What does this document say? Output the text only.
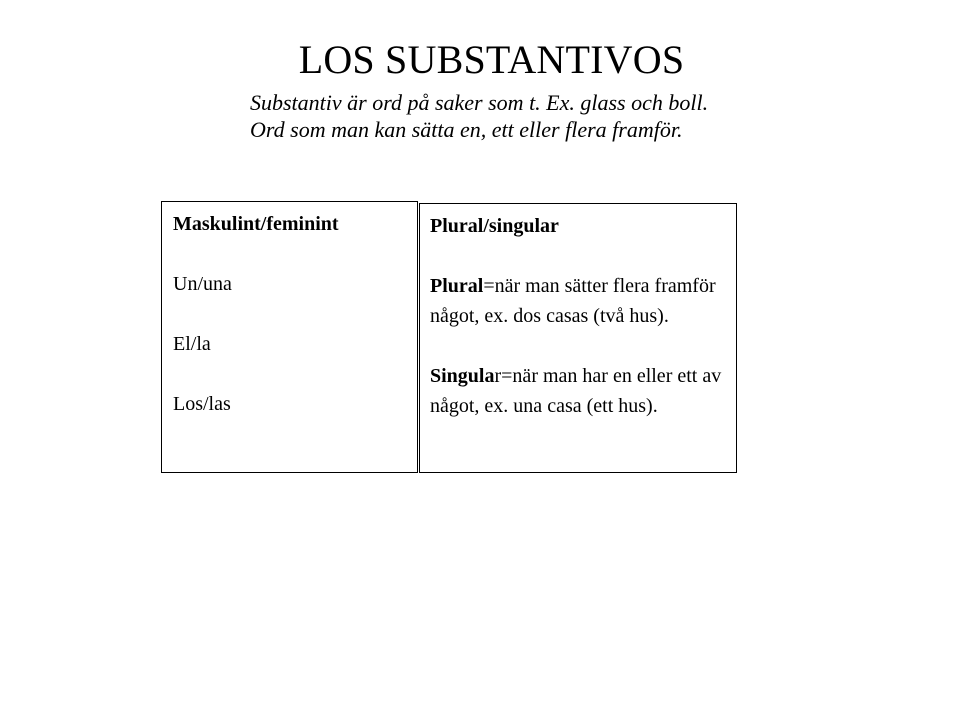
LOS SUBSTANTIVOS
Substantiv är ord på saker som t. Ex. glass och boll.
Ord som man kan sätta en, ett eller flera framför.
Maskulint/feminint
Un/una
El/la
Los/las
Plural/singular
Plural=när man sätter flera framför något, ex. dos casas (två hus).
Singular=när man har en eller ett av något, ex. una casa (ett hus).
